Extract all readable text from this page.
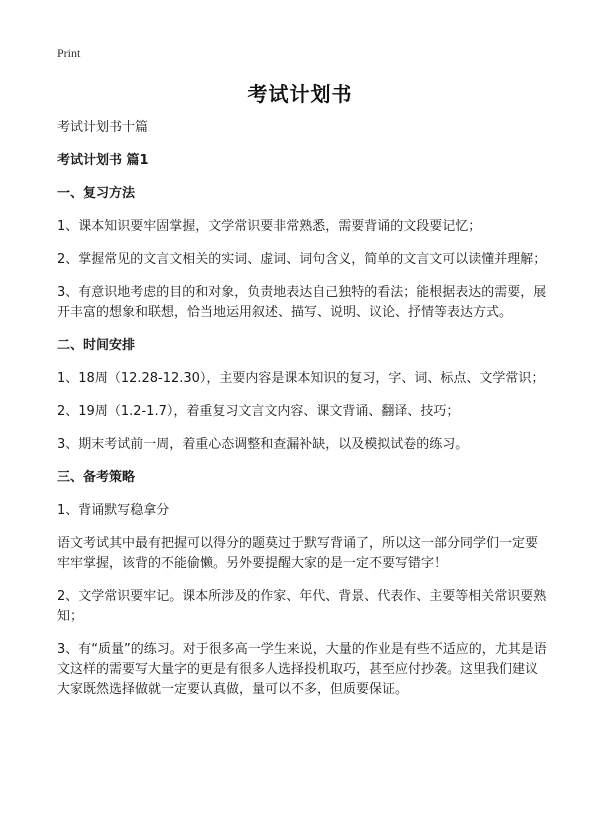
Print
考试计划书

考试计划书十篇

考试计划书 篇1

一、复习方法

1、课本知识要牢固掌握，文学常识要非常熟悉，需要背诵的文段要记忆；

2、掌握常见的文言文相关的实词、虚词、词句含义，简单的文言文可以读懂并理解；

3、有意识地考虑的目的和对象，负责地表达自己独特的看法；能根据表达的需要，展开丰富的想象和联想，恰当地运用叙述、描写、说明、议论、抒情等表达方式。

二、时间安排

1、18周（12.28-12.30），主要内容是课本知识的复习，字、词、标点、文学常识；

2、19周（1.2-1.7），着重复习文言文内容、课文背诵、翻译、技巧；

3、期末考试前一周，着重心态调整和查漏补缺，以及模拟试卷的练习。

三、备考策略

1、背诵默写稳拿分

语文考试其中最有把握可以得分的题莫过于默写背诵了，所以这一部分同学们一定要牢牢掌握，该背的不能偷懒。另外要提醒大家的是一定不要写错字！

2、文学常识要牢记。课本所涉及的作家、年代、背景、代表作、主要等相关常识要熟知；

3、有“质量”的练习。对于很多高一学生来说，大量的作业是有些不适应的，尤其是语文这样的需要写大量字的更是有很多人选择投机取巧，甚至应付抄袭。这里我们建议大家既然选择做就一定要认真做，量可以不多，但质要保证。
